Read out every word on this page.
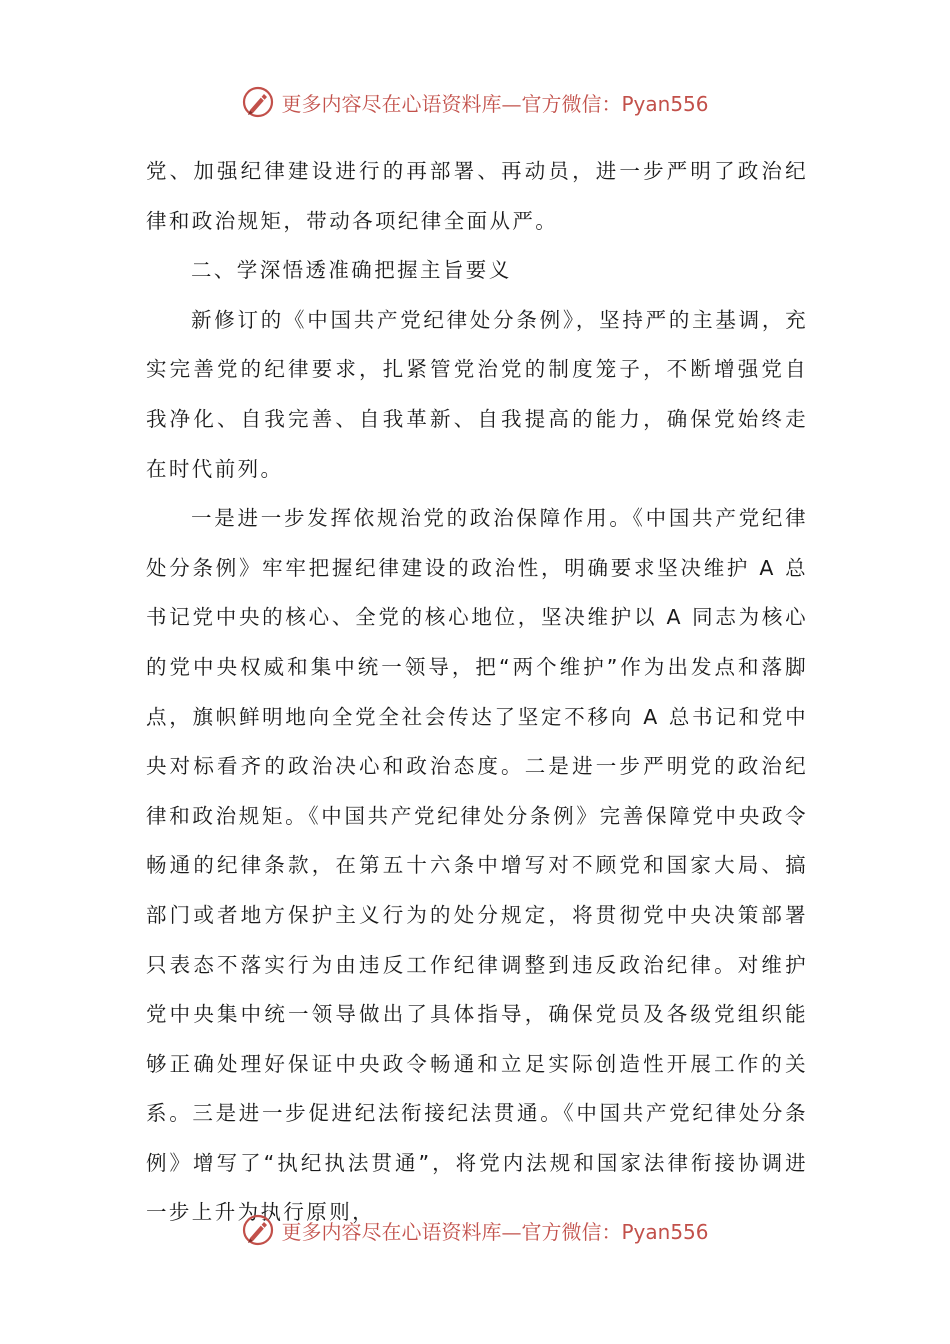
更多内容尽在心语资料库—官方微信：Pyan556

党、加强纪律建设进行的再部署、再动员，进一步严明了政治纪律和政治规矩，带动各项纪律全面从严。

二、学深悟透准确把握主旨要义

新修订的《中国共产党纪律处分条例》，坚持严的主基调，充实完善党的纪律要求，扎紧管党治党的制度笼子，不断增强党自我净化、自我完善、自我革新、自我提高的能力，确保党始终走在时代前列。

一是进一步发挥依规治党的政治保障作用。《中国共产党纪律处分条例》牢牢把握纪律建设的政治性，明确要求坚决维护 A 总书记党中央的核心、全党的核心地位，坚决维护以 A 同志为核心的党中央权威和集中统一领导，把“两个维护”作为出发点和落脚点，旗帜鲜明地向全党全社会传达了坚定不移向 A 总书记和党中央对标看齐的政治决心和政治态度。二是进一步严明党的政治纪律和政治规矩。《中国共产党纪律处分条例》完善保障党中央政令畅通的纪律条款，在第五十六条中增写对不顾党和国家大局、搞部门或者地方保护主义行为的处分规定，将贯彻党中央决策部署只表态不落实行为由违反工作纪律调整到违反政治纪律。对维护党中央集中统一领导做出了具体指导，确保党员及各级党组织能够正确处理好保证中央政令畅通和立足实际创造性开展工作的关系。三是进一步促进纪法衔接纪法贯通。《中国共产党纪律处分条例》增写了“执纪执法贯通”，将党内法规和国家法律衔接协调进一步上升为执行原则，

更多内容尽在心语资料库—官方微信：Pyan556
